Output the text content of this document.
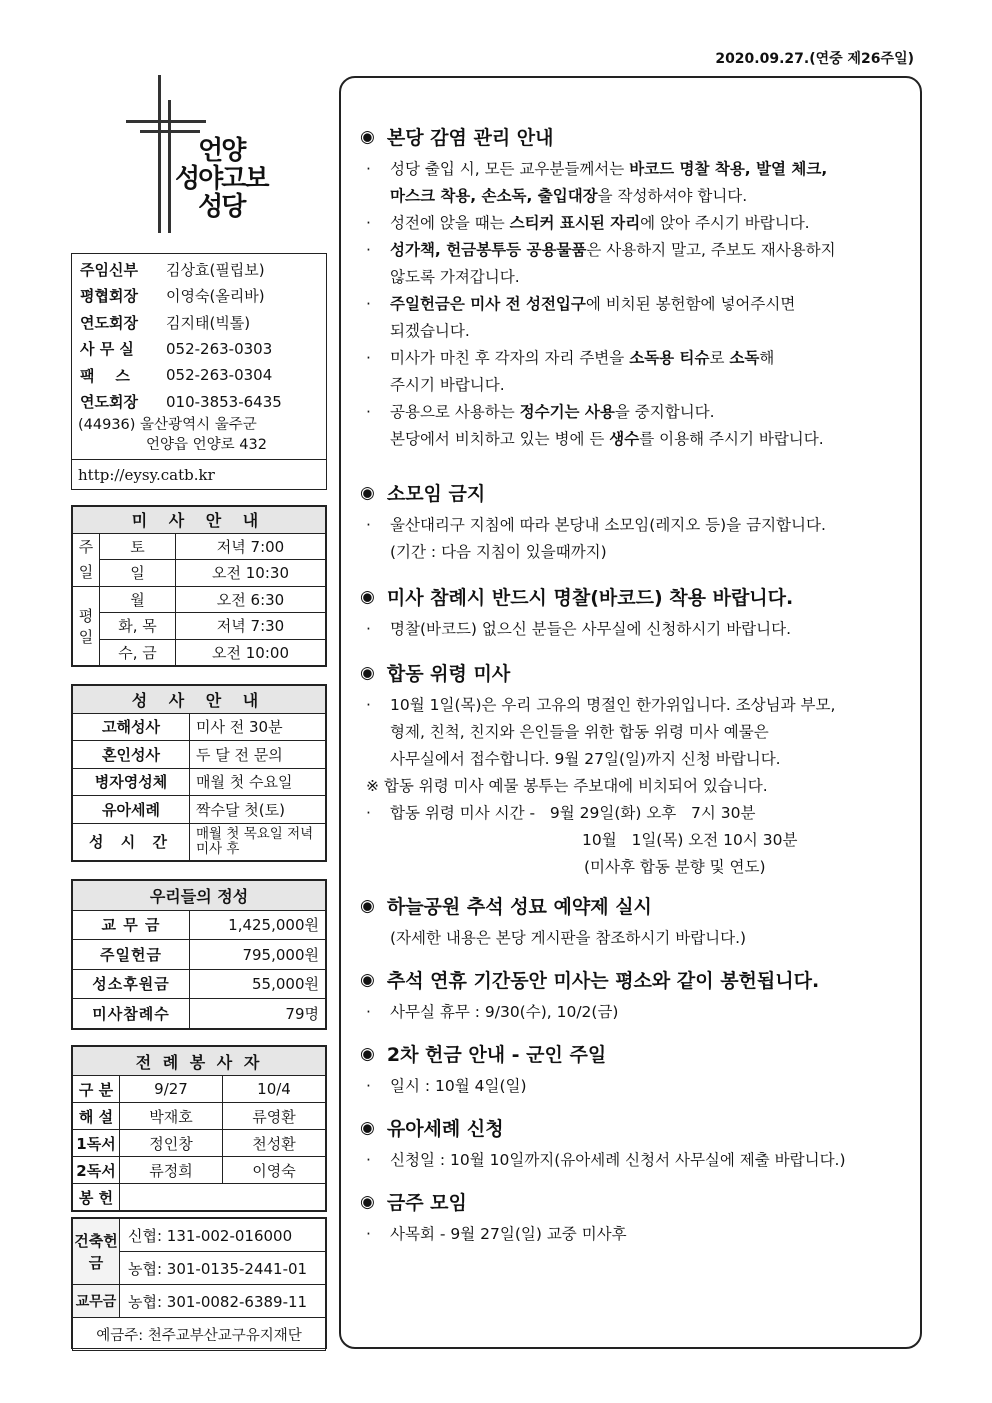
2020.09.27.(연중 제26주일)
언양
성야고보
성당
주임신부	김상효(필립보)
평협회장	이영숙(올리바)
연도회장	김지태(빅톨)
사 무 실	052-263-0303
팩    스	052-263-0304
연도회장	010-3853-6435
(44936) 울산광역시 울주군
언양읍 언양로 432
http://eysy.catb.kr
미 사 안 내		
주일	토	저녁 7:00
	일	오전 10:30
평일	월	오전 6:30
	화, 목	저녁 7:30
	수, 금	오전 10:00
성 사 안 내	
고해성사	미사 전 30분
혼인성사	두 달 전 문의
병자영성체	매월 첫 수요일
유아세례	짝수달 첫(토)
성 시 간	매월 첫 목요일 저녁미사 후
우리들의 정성	
교 무 금	1,425,000원
주일헌금	795,000원
성소후원금	55,000원
미사참례수	79명
전 례 봉 사 자		
구 분	9/27	10/4
해 설	박재호	류영환
1독서	정인창	천성환
2독서	류정희	이영숙
봉 헌		
건축헌금	신협: 131-002-016000
	농협: 301-0135-2441-01
교무금	농협: 301-0082-6389-11
예금주: 천주교부산교구유지재단	
◉ 본당 감염 관리 안내

· 성당 출입 시, 모든 교우분들께서는 바코드 명찰 착용, 발열 체크,
마스크 착용, 손소독, 출입대장을 작성하셔야 합니다.
· 성전에 앉을 때는 스티커 표시된 자리에 앉아 주시기 바랍니다.
· 성가책, 헌금봉투등 공용물품은 사용하지 말고, 주보도 재사용하지
않도록 가져갑니다.
· 주일헌금은 미사 전 성전입구에 비치된 봉헌함에 넣어주시면
되겠습니다.
· 미사가 마친 후 각자의 자리 주변을 소독용 티슈로 소독해
주시기 바랍니다.
· 공용으로 사용하는 정수기는 사용을 중지합니다.
본당에서 비치하고 있는 병에 든 생수를 이용해 주시기 바랍니다.

◉ 소모임 금지

· 울산대리구 지침에 따라 본당내 소모임(레지오 등)을 금지합니다.
(기간 : 다음 지침이 있을때까지)

◉ 미사 참례시 반드시 명찰(바코드) 착용 바랍니다.

· 명찰(바코드) 없으신 분들은 사무실에 신청하시기 바랍니다.

◉ 합동 위령 미사

· 10월 1일(목)은 우리 고유의 명절인 한가위입니다. 조상님과 부모,
형제, 친척, 친지와 은인들을 위한 합동 위령 미사 예물은
사무실에서 접수합니다. 9월 27일(일)까지 신청 바랍니다.
※ 합동 위령 미사 예물 봉투는 주보대에 비치되어 있습니다.
· 합동 위령 미사 시간 -   9월 29일(화) 오후   7시 30분
10월   1일(목) 오전 10시 30분
(미사후 합동 분향 및 연도)

◉ 하늘공원 추석 성묘 예약제 실시

(자세한 내용은 본당 게시판을 참조하시기 바랍니다.)

◉ 추석 연휴 기간동안 미사는 평소와 같이 봉헌됩니다.

· 사무실 휴무 : 9/30(수), 10/2(금)

◉ 2차 헌금 안내 - 군인 주일

· 일시 : 10월 4일(일)

◉ 유아세례 신청

· 신청일 : 10월 10일까지(유아세례 신청서 사무실에 제출 바랍니다.)

◉ 금주 모임

· 사목회 - 9월 27일(일) 교중 미사후
